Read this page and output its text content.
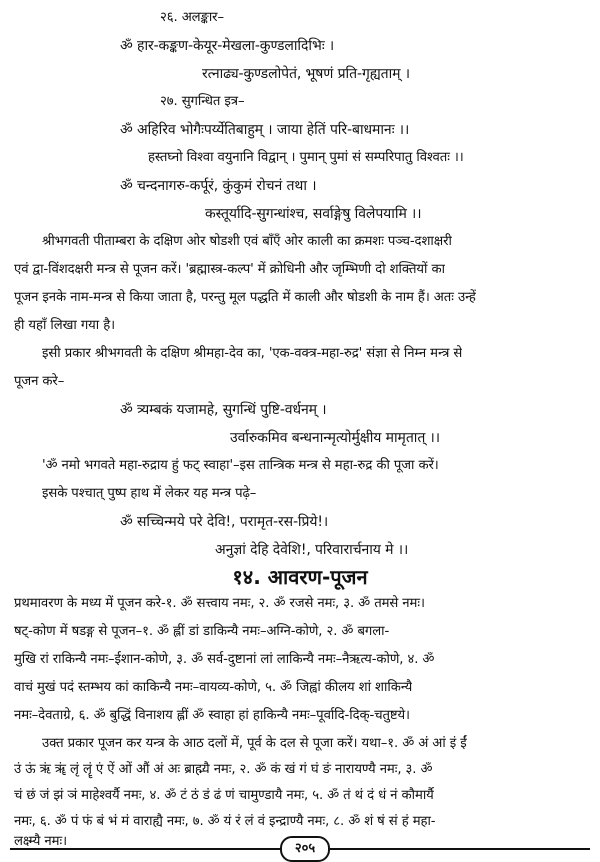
२६. अलङ्कार–
ॐ हार-कङ्कण-केयूर-मेखला-कुण्डलादिभिः ।
रत्नाढ्य-कुण्डलोपेतं, भूषणं प्रति-गृह्यताम् ।
२७. सुगन्धित इत्र–
ॐ अहिरिव भोगैःपर्य्येतिबाहुम् । जाया हेतिं परि-बाधमानः ।।
हस्तघ्नो विश्वा वयुनानि विद्वान् । पुमान् पुमां सं सम्परिपातु विश्वतः ।।
ॐ चन्दनागरु-कर्पूरं, कुंकुमं रोचनं तथा ।
कस्तूर्यादि-सुगन्धांश्च, सर्वाङ्गेषु विलेपयामि ।।
श्रीभगवती पीताम्बरा के दक्षिण ओर षोडशी एवं बाँएँ ओर काली का क्रमशः पञ्च-दशाक्षरी
एवं द्वा-विंशदक्षरी मन्त्र से पूजन करें। 'ब्रह्मास्त्र-कल्प' में क्रोधिनी और जृम्भिणी दो शक्तियों का
पूजन इनके नाम-मन्त्र से किया जाता है, परन्तु मूल पद्धति में काली और षोडशी के नाम हैं। अतः उन्हें
ही यहाँ लिखा गया है।
इसी प्रकार श्रीभगवती के दक्षिण श्रीमहा-देव का, 'एक-वक्त्र-महा-रुद्र' संज्ञा से निम्न मन्त्र से
पूजन करे–
ॐ त्र्यम्बकं यजामहे, सुगन्धिं पुष्टि-वर्धनम् ।
उर्वारुकमिव बन्धनान्मृत्योर्मुक्षीय मामृतात् ।।
'ॐ नमो भगवते महा-रुद्राय हुं फट् स्वाहा'–इस तान्त्रिक मन्त्र से महा-रुद्र की पूजा करें।
इसके पश्चात् पुष्प हाथ में लेकर यह मन्त्र पढ़े–
ॐ सच्चिन्मये परे देवि!, परामृत-रस-प्रिये!।
अनुज्ञां देहि देवेशि!, परिवारार्चनाय मे ।।
१४. आवरण-पूजन
प्रथमावरण के मध्य में पूजन करे-१. ॐ सत्त्वाय नमः, २. ॐ रजसे नमः, ३. ॐ तमसे नमः।
षट्-कोण में षडङ्ग से पूजन–१. ॐ ह्लीं डां डाकिन्यै नमः–अग्नि-कोणे, २. ॐ बगला-
मुखि रां राकिन्यै नमः–ईशान-कोणे, ३. ॐ सर्व-दुष्टानां लां लाकिन्यै नमः–नैऋत्य-कोणे, ४. ॐ
वाचं मुखं पदं स्तम्भय कां काकिन्यै नमः–वायव्य-कोणे, ५. ॐ जिह्वां कीलय शां शाकिन्यै
नमः–देवताग्रे, ६. ॐ बुद्धिं विनाशय ह्लीं ॐ स्वाहा हां हाकिन्यै नमः–पूर्वादि-दिक्-चतुष्टये।
उक्त प्रकार पूजन कर यन्त्र के आठ दलों में, पूर्व के दल से पूजा करें। यथा–१. ॐ अं आं इं ईं
उं ऊं ऋं ॠं लृं लॄं एं ऐं ओं औं अं अः ब्राह्म्यै नमः, २. ॐ कं खं गं घं ङं नारायण्यै नमः, ३. ॐ
चं छं जं झं ञं माहेश्वर्यै नमः, ४. ॐ टं ठं डं ढं णं चामुण्डायै नमः, ५. ॐ तं थं दं धं नं कौमार्यै
नमः, ६. ॐ पं फं बं भं मं वाराह्यै नमः, ७. ॐ यं रं लं वं इन्द्राण्यै नमः, ८. ॐ शं षं सं हं महा-
लक्ष्म्यै नमः।	२०५
